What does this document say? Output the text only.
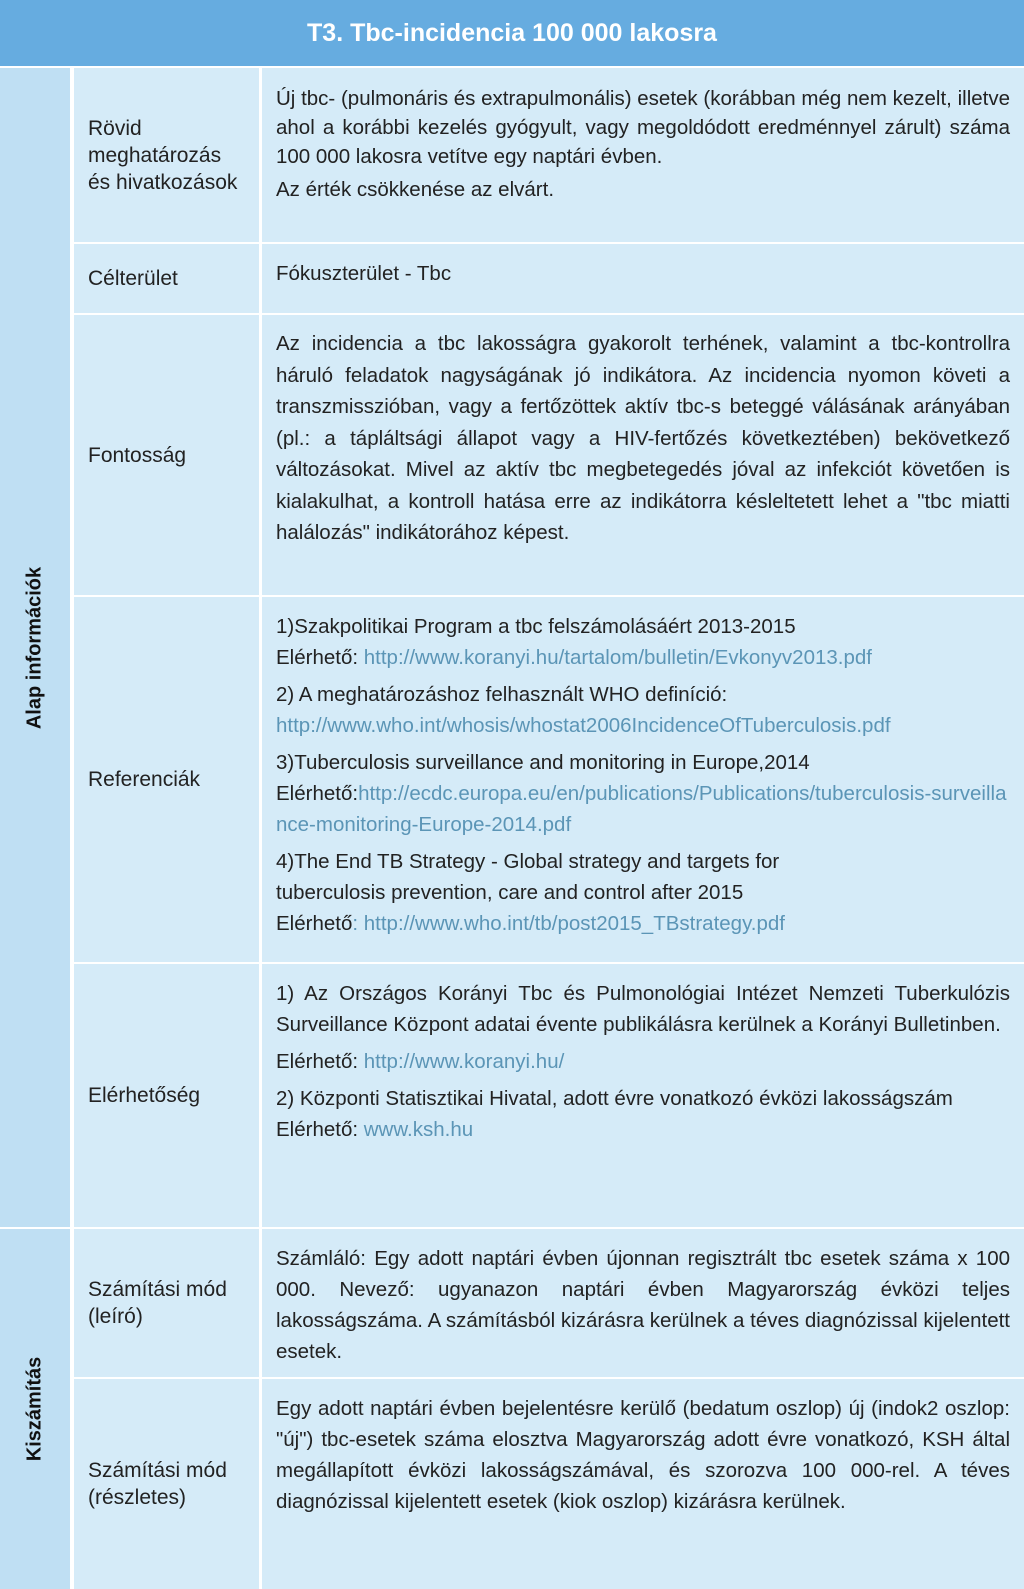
T3. Tbc-incidencia 100 000 lakosra
Alap információk
Kiszámítás
Rövid meghatározás és hivatkozások

Új tbc- (pulmonáris és extrapulmonális) esetek (korábban még nem kezelt, illetve ahol a korábbi kezelés gyógyult, vagy megoldódott eredménnyel zárult) száma 100 000 lakosra vetítve egy naptári évben.

Az érték csökkenése az elvárt.

Célterület	Fókuszterület - Tbc

Fontosság

Az incidencia a tbc lakosságra gyakorolt terhének, valamint a tbc-kontrollra háruló feladatok nagyságának jó indikátora. Az incidencia nyomon követi a transzmisszióban, vagy a fertőzöttek aktív tbc-s beteggé válásának arányában (pl.: a tápláltsági állapot vagy a HIV-fertőzés következtében) bekövetkező változásokat. Mivel az aktív tbc megbetegedés jóval az infekciót követően is kialakulhat, a kontroll hatása erre az indikátorra késleltetett lehet a "tbc miatti halálozás" indikátorához képest.

Referenciák

1)Szakpolitikai Program a tbc felszámolásáért 2013-2015

Elérhető: http://www.koranyi.hu/tartalom/bulletin/Evkonyv2013.pdf

2) A meghatározáshoz felhasznált WHO definíció:

http://www.who.int/whosis/whostat2006IncidenceOfTuberculosis.pdf

3)Tuberculosis surveillance and monitoring in Europe,2014

Elérhető:http://ecdc.europa.eu/en/publications/Publications/tuberculosis-surveillance-monitoring-Europe-2014.pdf

4)The End TB Strategy - Global strategy and targets for tuberculosis prevention, care and control after 2015

Elérhető: http://www.who.int/tb/post2015_TBstrategy.pdf

Elérhetőség

1) Az Országos Korányi Tbc és Pulmonológiai Intézet Nemzeti Tuberkulózis Surveillance Központ adatai évente publikálásra kerülnek a Korányi Bulletinben.

Elérhető: http://www.koranyi.hu/

2) Központi Statisztikai Hivatal, adott évre vonatkozó évközi lakosságszám

Elérhető: www.ksh.hu

Számítási mód (leíró)

Számláló: Egy adott naptári évben újonnan regisztrált tbc esetek száma x 100 000. Nevező: ugyanazon naptári évben Magyarország évközi teljes lakosságszáma. A számításból kizárásra kerülnek a téves diagnózissal kijelentett esetek.

Számítási mód (részletes)

Egy adott naptári évben bejelentésre kerülő (bedatum oszlop) új (indok2 oszlop: "új") tbc-esetek száma elosztva Magyarország adott évre vonatkozó, KSH által megállapított évközi lakosságszámával, és szorozva 100 000-rel. A téves diagnózissal kijelentett esetek (kiok oszlop) kizárásra kerülnek.
